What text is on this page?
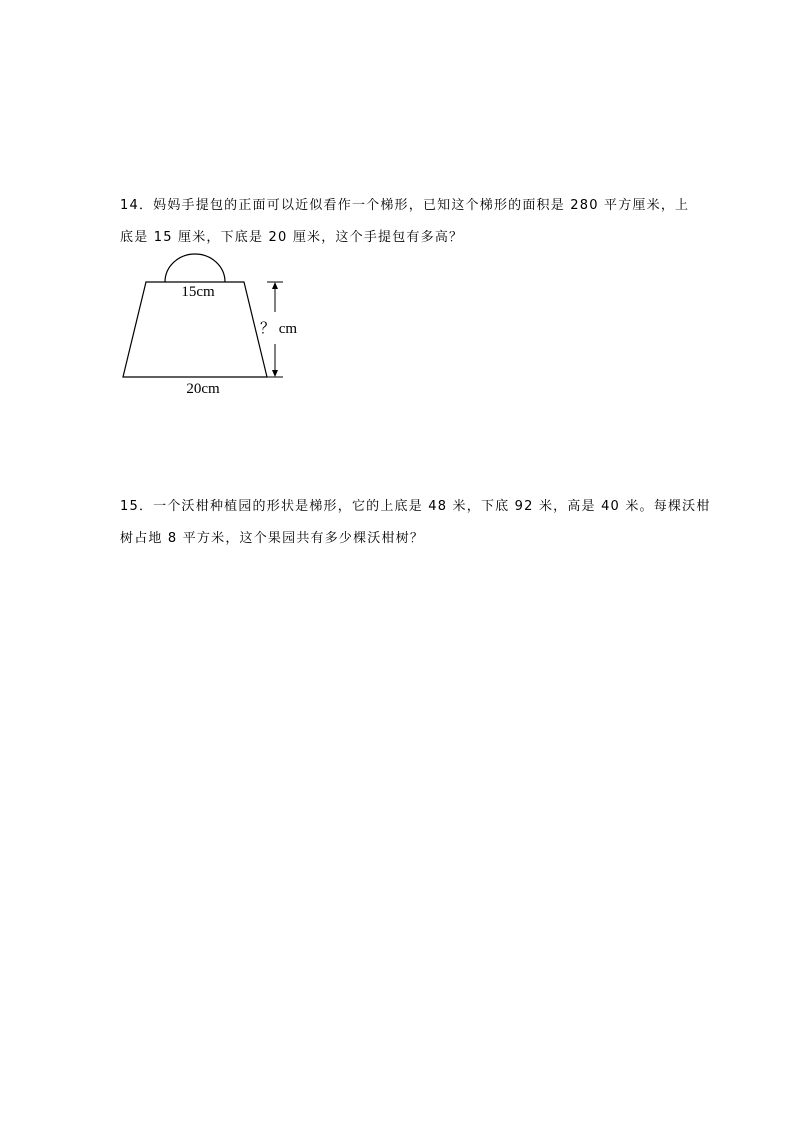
14．妈妈手提包的正面可以近似看作一个梯形，已知这个梯形的面积是 280 平方厘米，上
底是 15 厘米，下底是 20 厘米，这个手提包有多高？
15cm
20cm
？ cm
15．一个沃柑种植园的形状是梯形，它的上底是 48 米，下底 92 米，高是 40 米。每棵沃柑
树占地 8 平方米，这个果园共有多少棵沃柑树？
